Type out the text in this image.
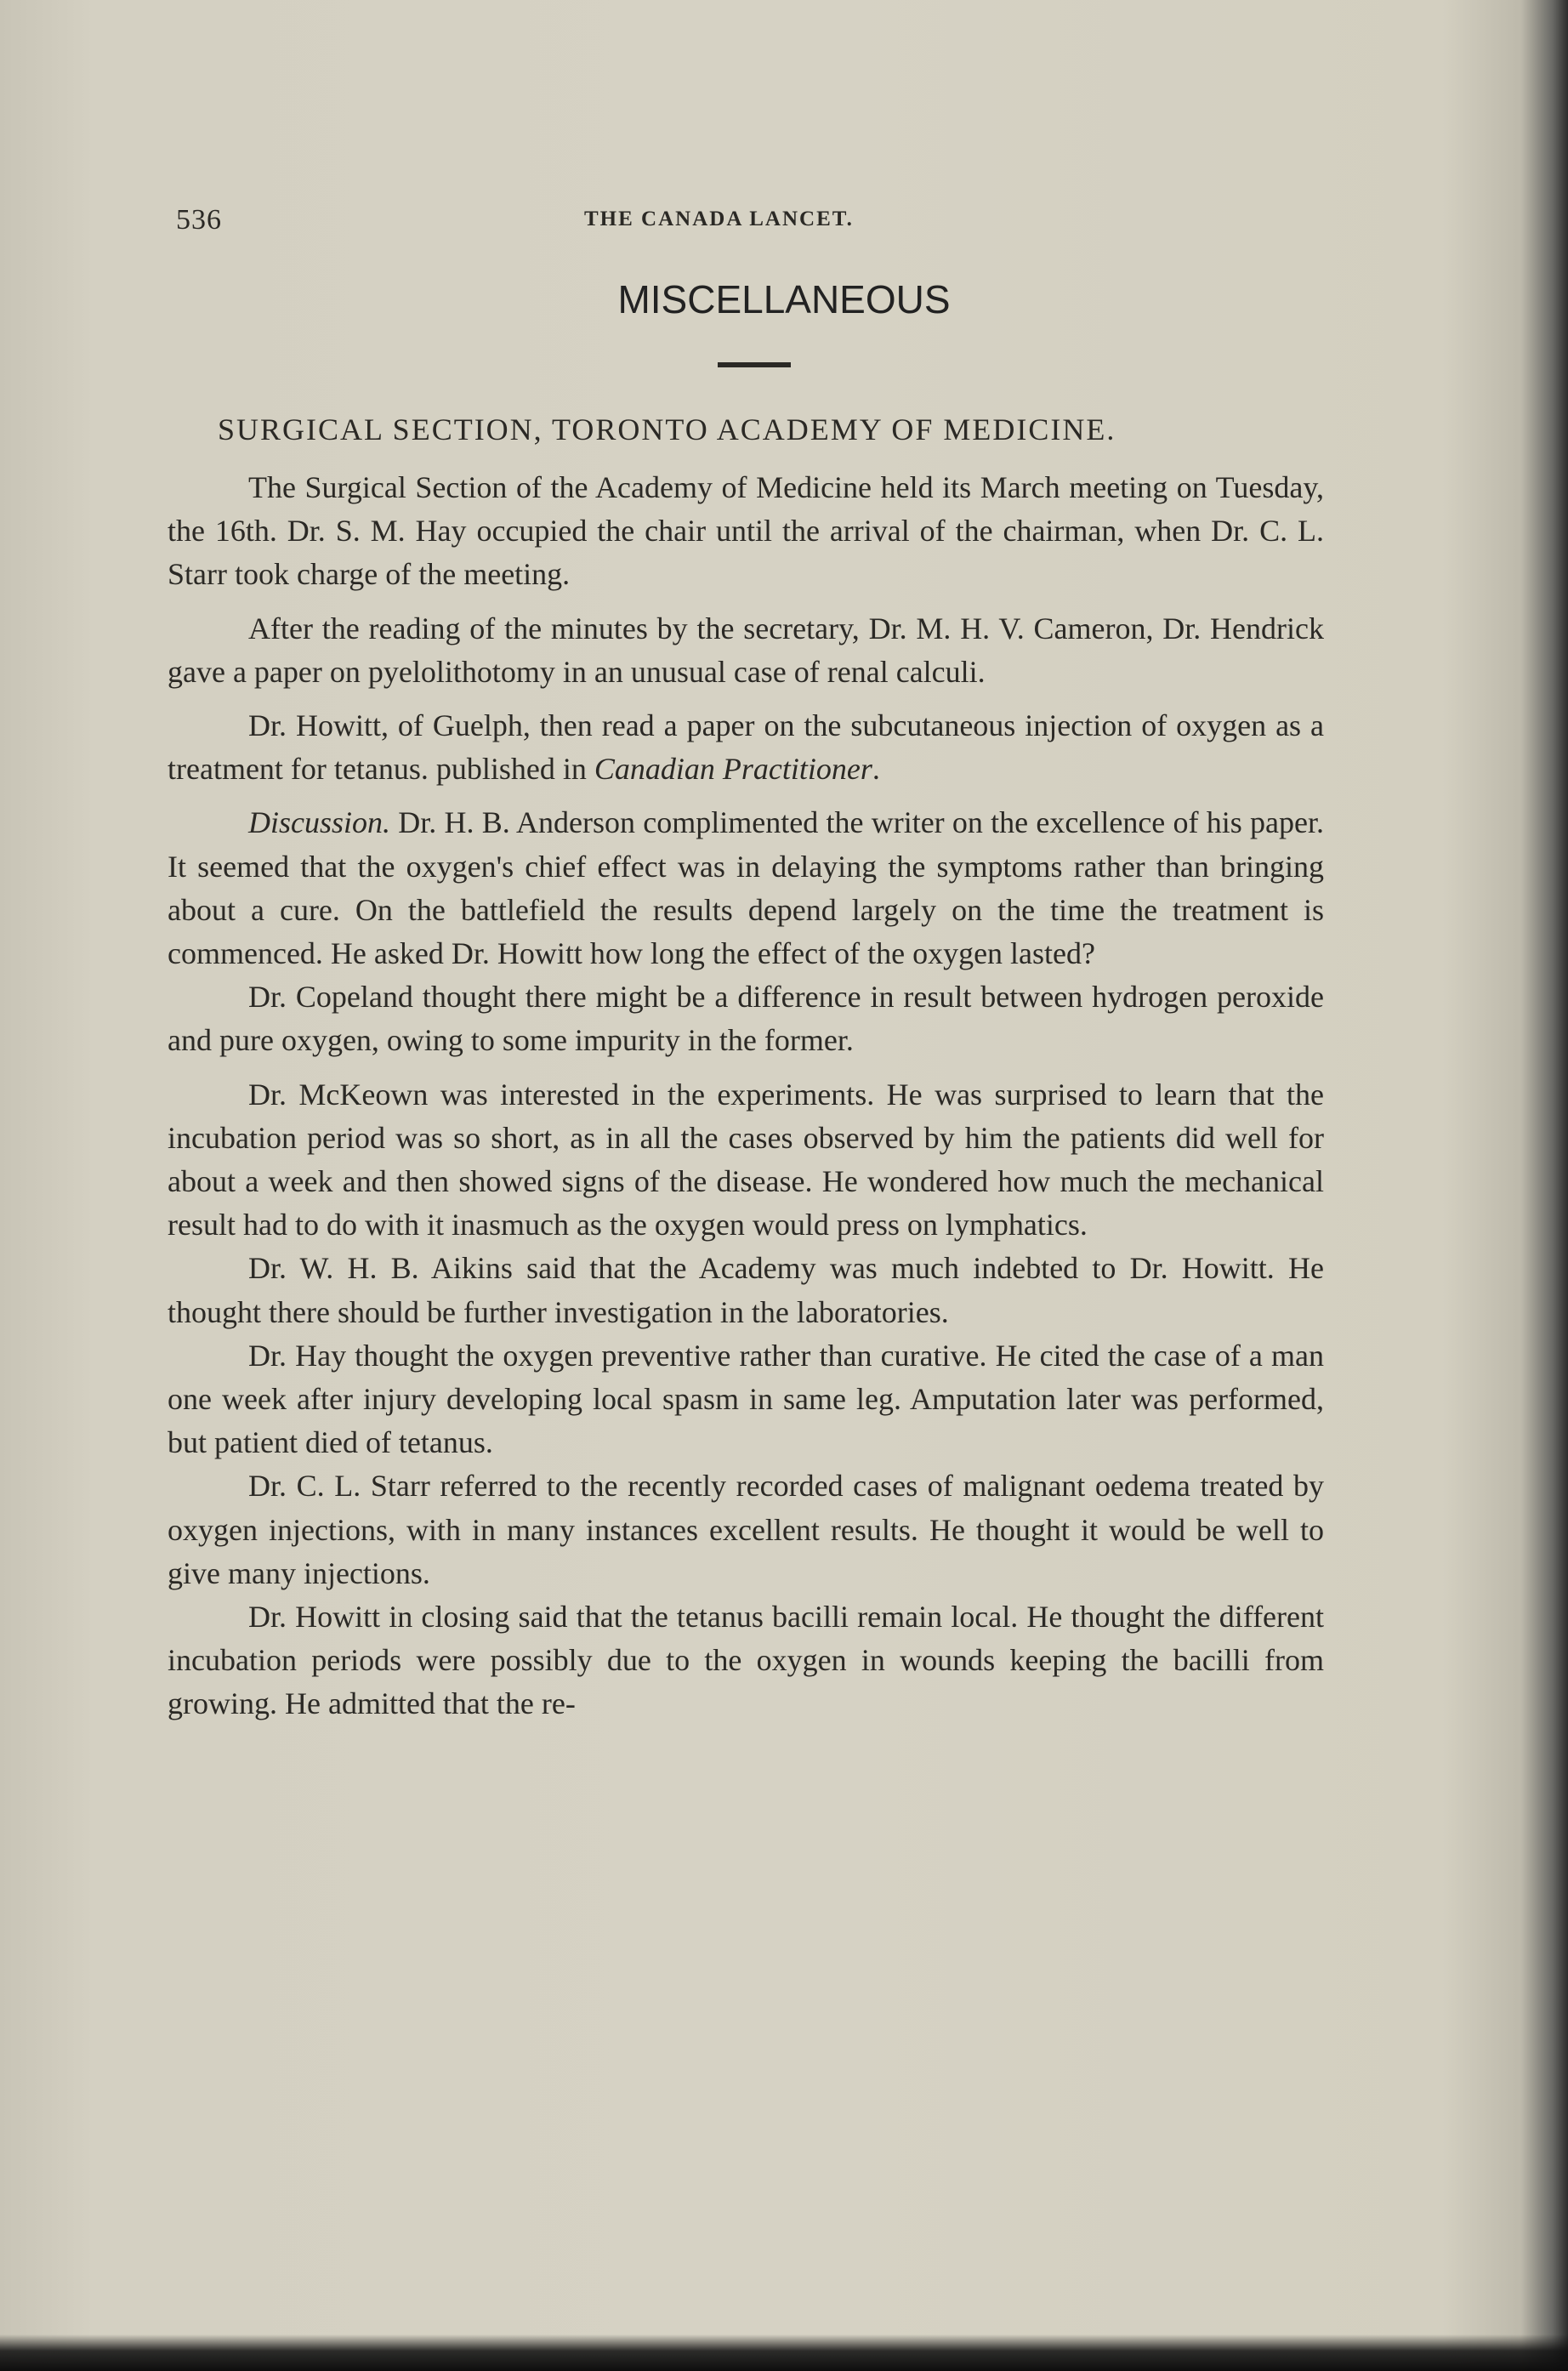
536	THE CANADA LANCET.
MISCELLANEOUS
SURGICAL SECTION, TORONTO ACADEMY OF MEDICINE.

The Surgical Section of the Academy of Medicine held its March meeting on Tuesday, the 16th. Dr. S. M. Hay occupied the chair until the arrival of the chairman, when Dr. C. L. Starr took charge of the meeting.

After the reading of the minutes by the secretary, Dr. M. H. V. Cameron, Dr. Hendrick gave a paper on pyelolithotomy in an unusual case of renal calculi.

Dr. Howitt, of Guelph, then read a paper on the subcutaneous injection of oxygen as a treatment for tetanus. published in Canadian Practitioner.

Discussion. Dr. H. B. Anderson complimented the writer on the excellence of his paper. It seemed that the oxygen's chief effect was in delaying the symptoms rather than bringing about a cure. On the battlefield the results depend largely on the time the treatment is commenced. He asked Dr. Howitt how long the effect of the oxygen lasted?

Dr. Copeland thought there might be a difference in result between hydrogen peroxide and pure oxygen, owing to some impurity in the former.

Dr. McKeown was interested in the experiments. He was surprised to learn that the incubation period was so short, as in all the cases observed by him the patients did well for about a week and then showed signs of the disease. He wondered how much the mechanical result had to do with it inasmuch as the oxygen would press on lymphatics.

Dr. W. H. B. Aikins said that the Academy was much indebted to Dr. Howitt. He thought there should be further investigation in the laboratories.

Dr. Hay thought the oxygen preventive rather than curative. He cited the case of a man one week after injury developing local spasm in same leg. Amputation later was performed, but patient died of tetanus.

Dr. C. L. Starr referred to the recently recorded cases of malignant oedema treated by oxygen injections, with in many instances excellent results. He thought it would be well to give many injections.

Dr. Howitt in closing said that the tetanus bacilli remain local. He thought the different incubation periods were possibly due to the oxygen in wounds keeping the bacilli from growing. He admitted that the re-
